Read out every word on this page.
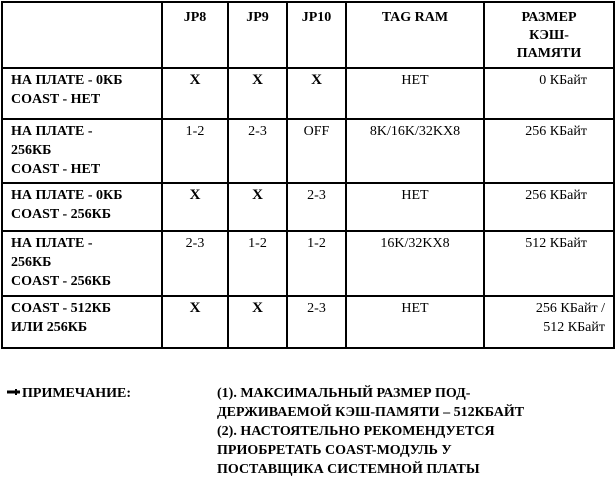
	JP8	JP9	JP10	TAG RAM	РАЗМЕР
КЭШ-
ПАМЯТИ
НА ПЛАТЕ - 0КБ
COAST - НЕТ	X	X	X	НЕТ	0 КБайт
НА ПЛАТЕ -
256КБ
COAST - НЕТ	1-2	2-3	OFF	8K/16K/32KX8	256 КБайт
НА ПЛАТЕ - 0КБ
COAST - 256КБ	X	X	2-3	НЕТ	256 КБайт
НА ПЛАТЕ -
256КБ
COAST - 256КБ	2-3	1-2	1-2	16K/32KX8	512 КБайт
COAST - 512КБ
ИЛИ 256КБ	X	X	2-3	НЕТ	256 КБайт /
512 КБайт
ПРИМЕЧАНИЕ:	(1). МАКСИМАЛЬНЫЙ РАЗМЕР ПОД-
ДЕРЖИВАЕМОЙ КЭШ-ПАМЯТИ – 512КБАЙТ
(2). НАСТОЯТЕЛЬНО РЕКОМЕНДУЕТСЯ
ПРИОБРЕТАТЬ COAST-МОДУЛЬ У
ПОСТАВЩИКА СИСТЕМНОЙ ПЛАТЫ
